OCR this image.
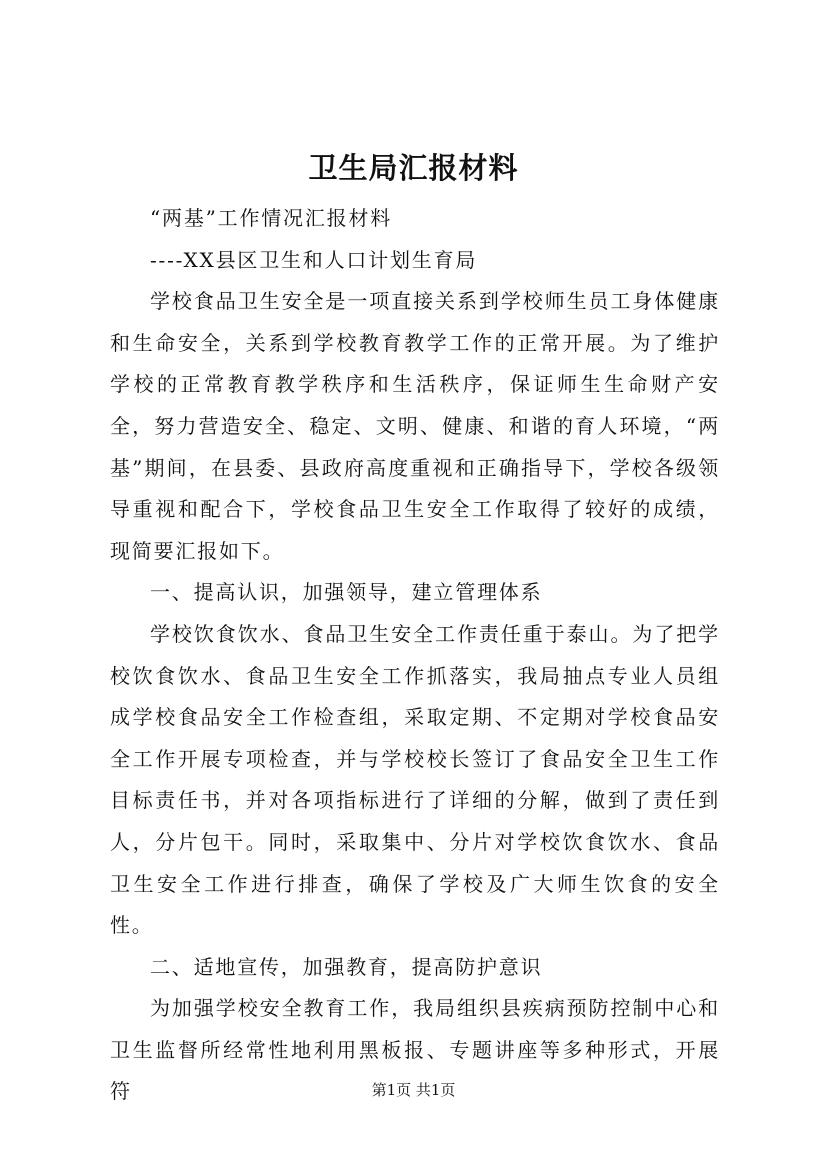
卫生局汇报材料

“两基”工作情况汇报材料

----XX县区卫生和人口计划生育局

学校食品卫生安全是一项直接关系到学校师生员工身体健康和生命安全，关系到学校教育教学工作的正常开展。为了维护学校的正常教育教学秩序和生活秩序，保证师生生命财产安全，努力营造安全、稳定、文明、健康、和谐的育人环境，“两基”期间，在县委、县政府高度重视和正确指导下，学校各级领导重视和配合下，学校食品卫生安全工作取得了较好的成绩，现简要汇报如下。

一、提高认识，加强领导，建立管理体系

学校饮食饮水、食品卫生安全工作责任重于泰山。为了把学校饮食饮水、食品卫生安全工作抓落实，我局抽点专业人员组成学校食品安全工作检查组，采取定期、不定期对学校食品安全工作开展专项检查，并与学校校长签订了食品安全卫生工作目标责任书，并对各项指标进行了详细的分解，做到了责任到人，分片包干。同时，采取集中、分片对学校饮食饮水、食品卫生安全工作进行排查，确保了学校及广大师生饮食的安全性。

二、适地宣传，加强教育，提高防护意识

为加强学校安全教育工作，我局组织县疾病预防控制中心和卫生监督所经常性地利用黑板报、专题讲座等多种形式，开展符	第1页 共1页
